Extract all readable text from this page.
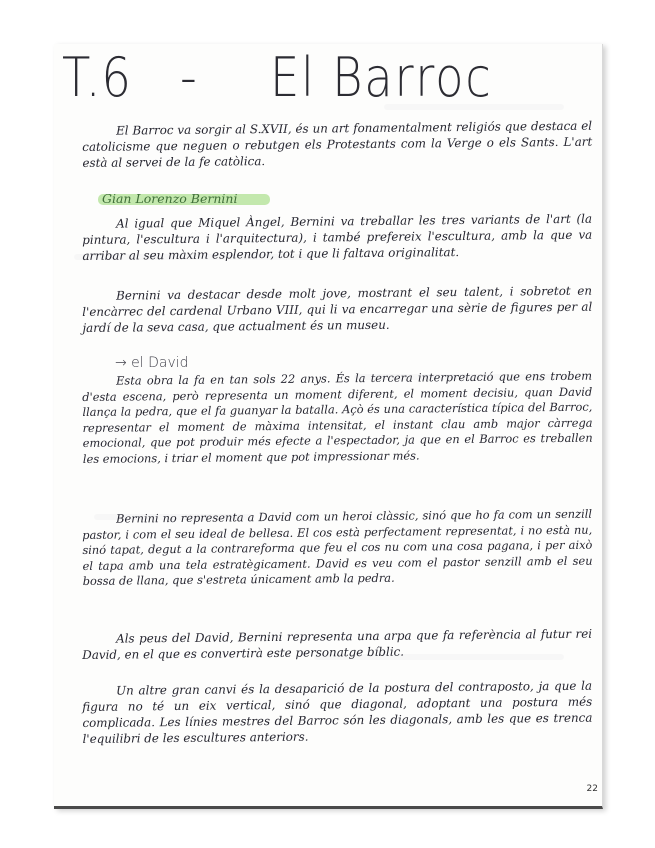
T.6 - El Barroc

El Barroc va sorgir al S.XVII, és un art fonamentalment religiós que destaca el catolicisme que neguen o rebutgen els Protestants com la Verge o els Sants. L'art està al servei de la fe catòlica.

Gian Lorenzo Bernini

Al igual que Miquel Àngel, Bernini va treballar les tres variants de l'art (la pintura, l'escultura i l'arquitectura), i també prefereix l'escultura, amb la que va arribar al seu màxim esplendor, tot i que li faltava originalitat.

Bernini va destacar desde molt jove, mostrant el seu talent, i sobretot en l'encàrrec del cardenal Urbano VIII, qui li va encarregar una sèrie de figures per al jardí de la seva casa, que actualment és un museu.

→ el David

Esta obra la fa en tan sols 22 anys. És la tercera interpretació que ens trobem d'esta escena, però representa un moment diferent, el moment decisiu, quan David llança la pedra, que el fa guanyar la batalla. Açò és una característica típica del Barroc, representar el moment de màxima intensitat, el instant clau amb major càrrega emocional, que pot produir més efecte a l'espectador, ja que en el Barroc es treballen les emocions, i triar el moment que pot impressionar més.

Bernini no representa a David com un heroi clàssic, sinó que ho fa com un senzill pastor, i com el seu ideal de bellesa. El cos està perfectament representat, i no està nu, sinó tapat, degut a la contrareforma que feu el cos nu com una cosa pagana, i per això el tapa amb una tela estratègicament. David es veu com el pastor senzill amb el seu bossa de llana, que s'estreta únicament amb la pedra.

Als peus del David, Bernini representa una arpa que fa referència al futur rei David, en el que es convertirà este personatge bíblic.

Un altre gran canvi és la desaparició de la postura del contraposto, ja que la figura no té un eix vertical, sinó que diagonal, adoptant una postura més complicada. Les línies mestres del Barroc són les diagonals, amb les que es trenca l'equilibri de les escultures anteriors.

22
